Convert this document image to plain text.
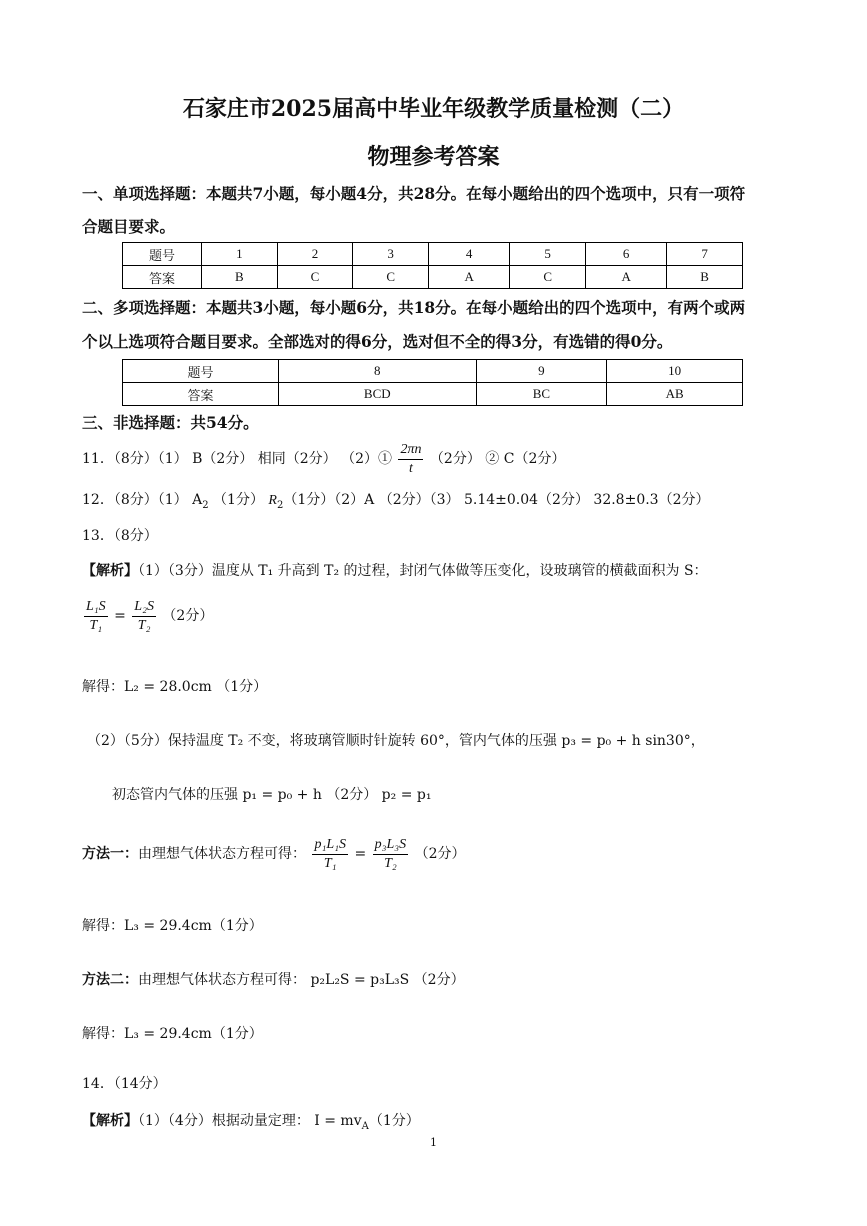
石家庄市2025届高中毕业年级教学质量检测（二）
物理参考答案
一、单项选择题：本题共7小题，每小题4分，共28分。在每小题给出的四个选项中，只有一项符
合题目要求。
题号	1	2	3	4	5	6	7
答案	B	C	C	A	C	A	B
二、多项选择题：本题共3小题，每小题6分，共18分。在每小题给出的四个选项中，有两个或两
个以上选项符合题目要求。全部选对的得6分，选对但不全的得3分，有选错的得0分。
题号	8	9	10
答案	BCD	BC	AB
三、非选择题：共54分。
11．（8分）（1） B（2分） 相同（2分） （2）① $\frac{2\pi n}{t} (2$分） ② C（2分）
12．（8分）（1） $A_2$ （1分） $R_2(1$分）（2）A （2分）（3） 5.14±0.04（2分） 32.8±0.3（2分）
13．（8分）
【解析】（1）（3分）温度从 T₁ 升高到 T₂ 的过程，封闭气体做等压变化，设玻璃管的横截面积为 S：
$\frac{\text{L₁S}}{\text{T₁}} = \frac{\text{L₂S}}{\text{T₂}} (2$分）
解得：L₂ = 28.0cm （1分）
（2）（5分）保持温度 T₂ 不变，将玻璃管顺时针旋转 60°，管内气体的压强 p₃ = p₀ + h sin30°，
初态管内气体的压强 p₁ = p₀ + h （2分） p₂ = p₁
方法一：由理想气体状态方程可得： $\frac{\text{p₁L₁S}}{\text{T₁}} = \frac{\text{p₃L₃S}}{\text{T₂}} (2$分）
解得：L₃ = 29.4cm（1分）
方法二：由理想气体状态方程可得： p₂L₂S = p₃L₃S （2分）
解得：L₃ = 29.4cm（1分）
14．（14分）
【解析】（1）（4分）根据动量定理： $I = mv_A(1$分）
1
